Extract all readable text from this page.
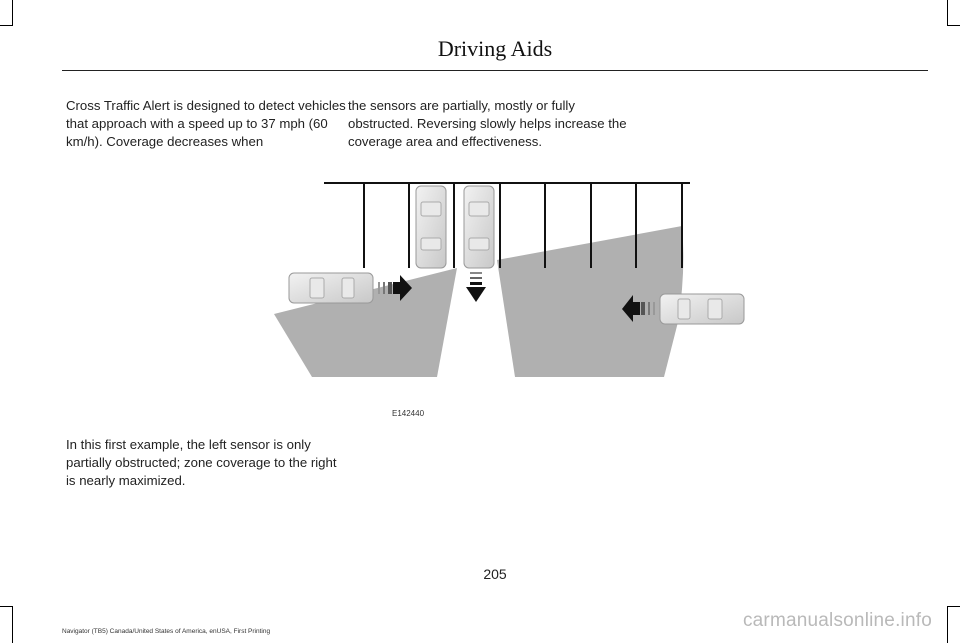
Driving Aids

Cross Traffic Alert is designed to detect vehicles that approach with a speed up to 37 mph (60 km/h). Coverage decreases when

the sensors are partially, mostly or fully obstructed. Reversing slowly helps increase the coverage area and effectiveness.

E142440

In this first example, the left sensor is only partially obstructed; zone coverage to the right is nearly maximized.

205
Navigator (TB5) Canada/United States of America, enUSA, First Printing
carmanualsonline.info
